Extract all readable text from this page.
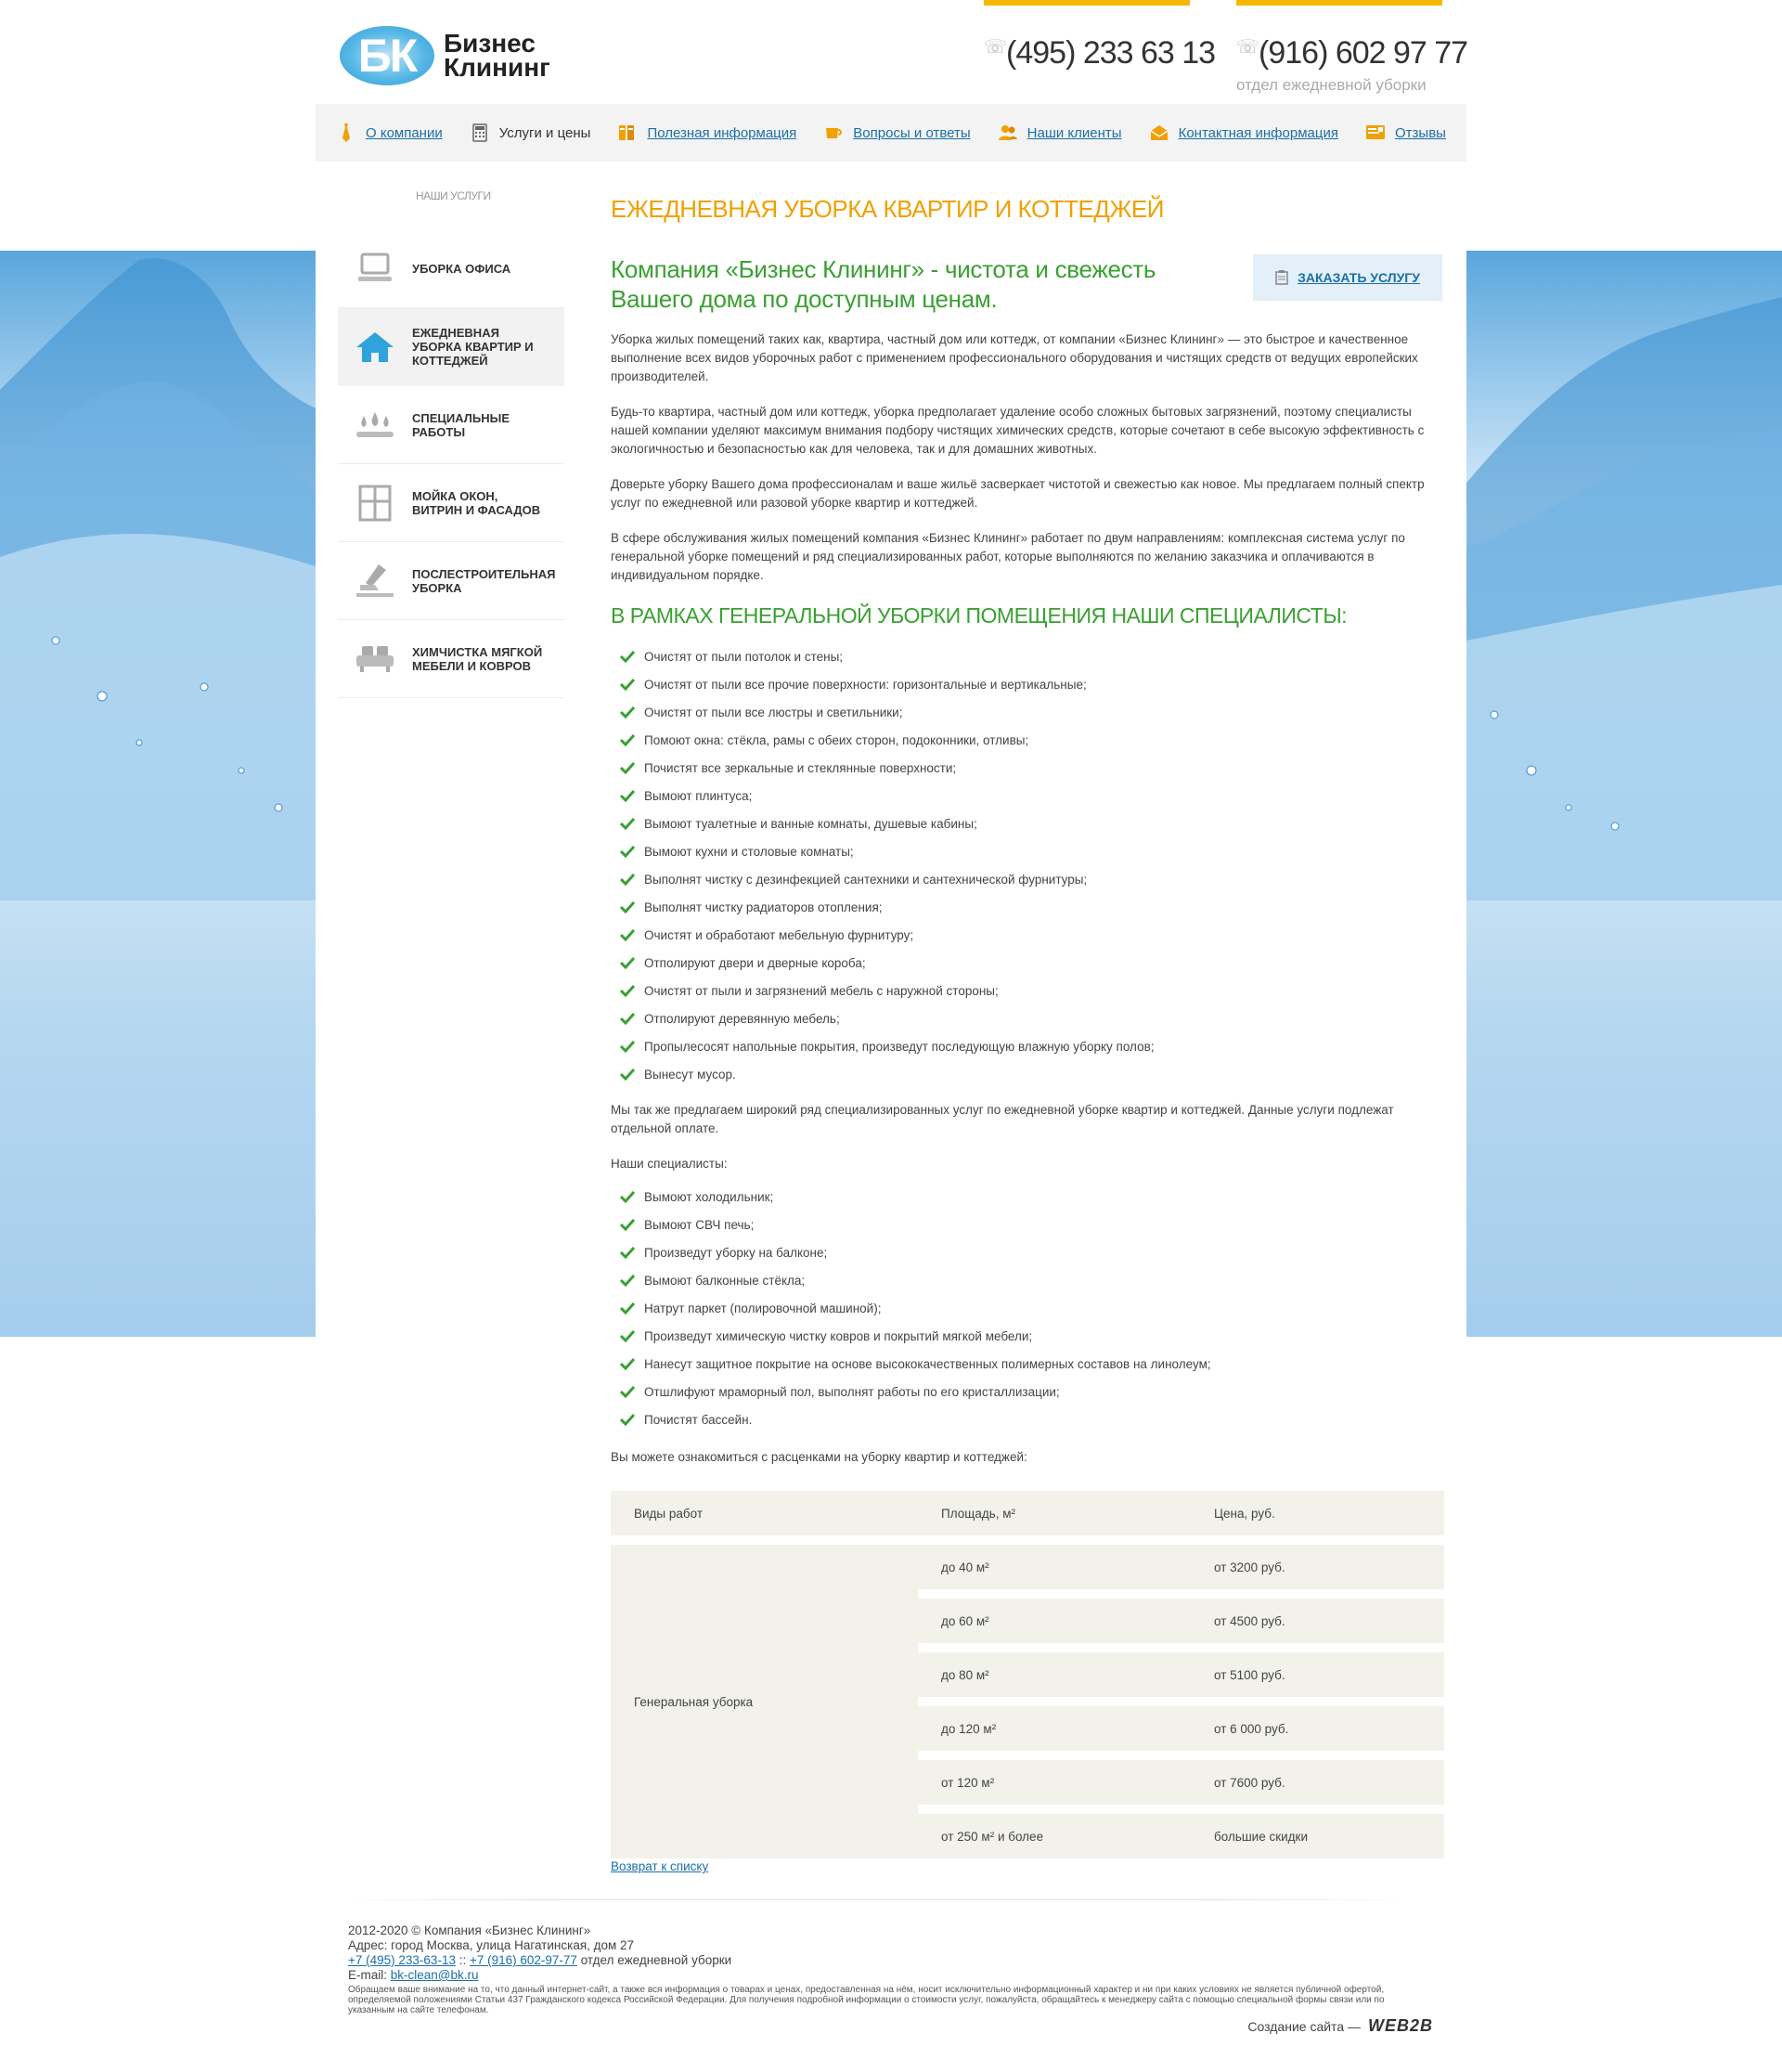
БК	Бизнес
Клининг
☏(495) 233 63 13 ☏(916) 602 97 77
отдел ежедневной уборки
О компании	Услуги и цены	Полезная информация	Вопросы и ответы	Наши клиенты	Контактная информация	Отзывы
НАШИ УСЛУГИ
УБОРКА ОФИСА
ЕЖЕДНЕВНАЯ УБОРКА КВАРТИР И КОТТЕДЖЕЙ
СПЕЦИАЛЬНЫЕ РАБОТЫ
МОЙКА ОКОН, ВИТРИН И ФАСАДОВ
ПОСЛЕСТРОИТЕЛЬНАЯ УБОРКА
ХИМЧИСТКА МЯГКОЙ МЕБЕЛИ И КОВРОВ
ЕЖЕДНЕВНАЯ УБОРКА КВАРТИР И КОТТЕДЖЕЙ
Компания «Бизнес Клининг» - чистота и свежесть Вашего дома по доступным ценам.
ЗАКАЗАТЬ УСЛУГУ

Уборка жилых помещений таких как, квартира, частный дом или коттедж, от компании «Бизнес Клининг» — это быстрое и качественное выполнение всех видов уборочных работ с применением профессионального оборудования и чистящих средств от ведущих европейских производителей.

Будь-то квартира, частный дом или коттедж, уборка предполагает удаление особо сложных бытовых загрязнений, поэтому специалисты нашей компании уделяют максимум внимания подбору чистящих химических средств, которые сочетают в себе высокую эффективность с экологичностью и безопасностью как для человека, так и для домашних животных.

Доверьте уборку Вашего дома профессионалам и ваше жильё засверкает чистотой и свежестью как новое. Мы предлагаем полный спектр услуг по ежедневной или разовой уборке квартир и коттеджей.

В сфере обслуживания жилых помещений компания «Бизнес Клининг» работает по двум направлениям: комплексная система услуг по генеральной уборке помещений и ряд специализированных работ, которые выполняются по желанию заказчика и оплачиваются в индивидуальном порядке.

В РАМКАХ ГЕНЕРАЛЬНОЙ УБОРКИ ПОМЕЩЕНИЯ НАШИ СПЕЦИАЛИСТЫ:
Очистят от пыли потолок и стены;
Очистят от пыли все прочие поверхности: горизонтальные и вертикальные;
Очистят от пыли все люстры и светильники;
Помоют окна: стёкла, рамы с обеих сторон, подоконники, отливы;
Почистят все зеркальные и стеклянные поверхности;
Вымоют плинтуса;
Вымоют туалетные и ванные комнаты, душевые кабины;
Вымоют кухни и столовые комнаты;
Выполнят чистку с дезинфекцией сантехники и сантехнической фурнитуры;
Выполнят чистку радиаторов отопления;
Очистят и обработают мебельную фурнитуру;
Отполируют двери и дверные короба;
Очистят от пыли и загрязнений мебель с наружной стороны;
Отполируют деревянную мебель;
Пропылесосят напольные покрытия, произведут последующую влажную уборку полов;
Вынесут мусор.

Мы так же предлагаем широкий ряд специализированных услуг по ежедневной уборке квартир и коттеджей. Данные услуги подлежат отдельной оплате.

Наши специалисты:

Вымоют холодильник;
Вымоют СВЧ печь;
Произведут уборку на балконе;
Вымоют балконные стёкла;
Натрут паркет (полировочной машиной);
Произведут химическую чистку ковров и покрытий мягкой мебели;
Нанесут защитное покрытие на основе высококачественных полимерных составов на линолеум;
Отшлифуют мраморный пол, выполнят работы по его кристаллизации;
Почистят бассейн.

Вы можете ознакомиться с расценками на уборку квартир и коттеджей:

Виды работ	Площадь, м²	Цена, руб.
Генеральная уборка	до 40 м²	от 3200 руб.
	до 60 м²	от 4500 руб.
	до 80 м²	от 5100 руб.
	до 120 м²	от 6 000 руб.
	от 120 м²	от 7600 руб.
	от 250 м² и более	большие скидки
Возврат к списку
2012-2020 © Компания «Бизнес Клининг»
Адрес: город Москва, улица Нагатинская, дом 27
+7 (495) 233-63-13 :: +7 (916) 602-97-77 отдел ежедневной уборки
E-mail: bk-clean@bk.ru
Обращаем ваше внимание на то, что данный интернет-сайт, а также вся информация о товарах и ценах, предоставленная на нём, носит исключительно информационный характер и ни при каких условиях не является публичной офертой, определяемой положениями Статьи 437 Гражданского кодекса Российской Федерации. Для получения подробной информации о стоимости услуг, пожалуйста, обращайтесь к менеджеру сайта с помощью специальной формы связи или по указанным на сайте телефонам.
Создание сайта — WEB2B
